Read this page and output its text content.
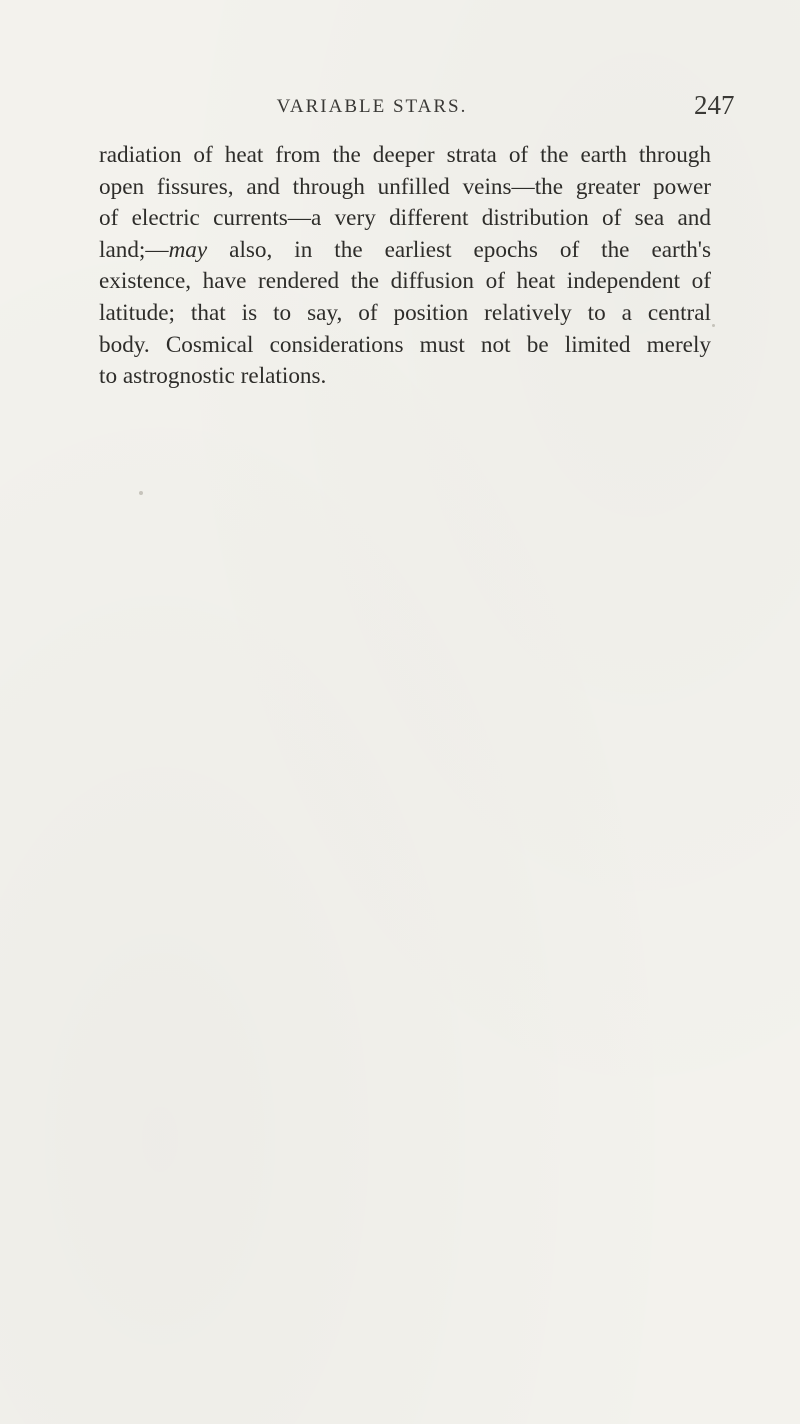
VARIABLE STARS.	247
radiation of heat from the deeper strata of the earth through
open fissures, and through unfilled veins—the greater power
of electric currents—a very different distribution of sea and
land;—may also, in the earliest epochs of the earth's
existence, have rendered the diffusion of heat independent of
latitude; that is to say, of position relatively to a central
body. Cosmical considerations must not be limited merely
to astrognostic relations.
